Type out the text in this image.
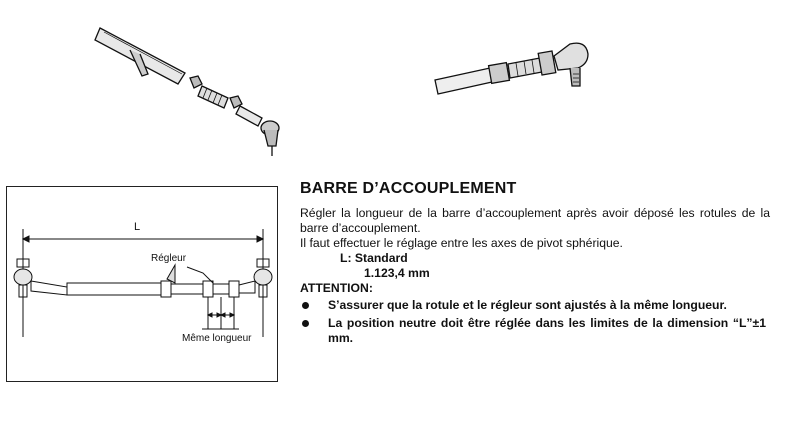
L
Régleur
Même longueur
BARRE D’ACCOUPLEMENT

Régler la longueur de la barre d’accouplement après avoir déposé les rotules de la barre d’accouplement.

Il faut effectuer le réglage entre les axes de pivot sphérique.

L: Standard

1.123,4 mm

ATTENTION:

S’assurer que la rotule et le régleur sont ajustés à la même longueur.
La position neutre doit être réglée dans les limites de la dimension “L”±1 mm.
